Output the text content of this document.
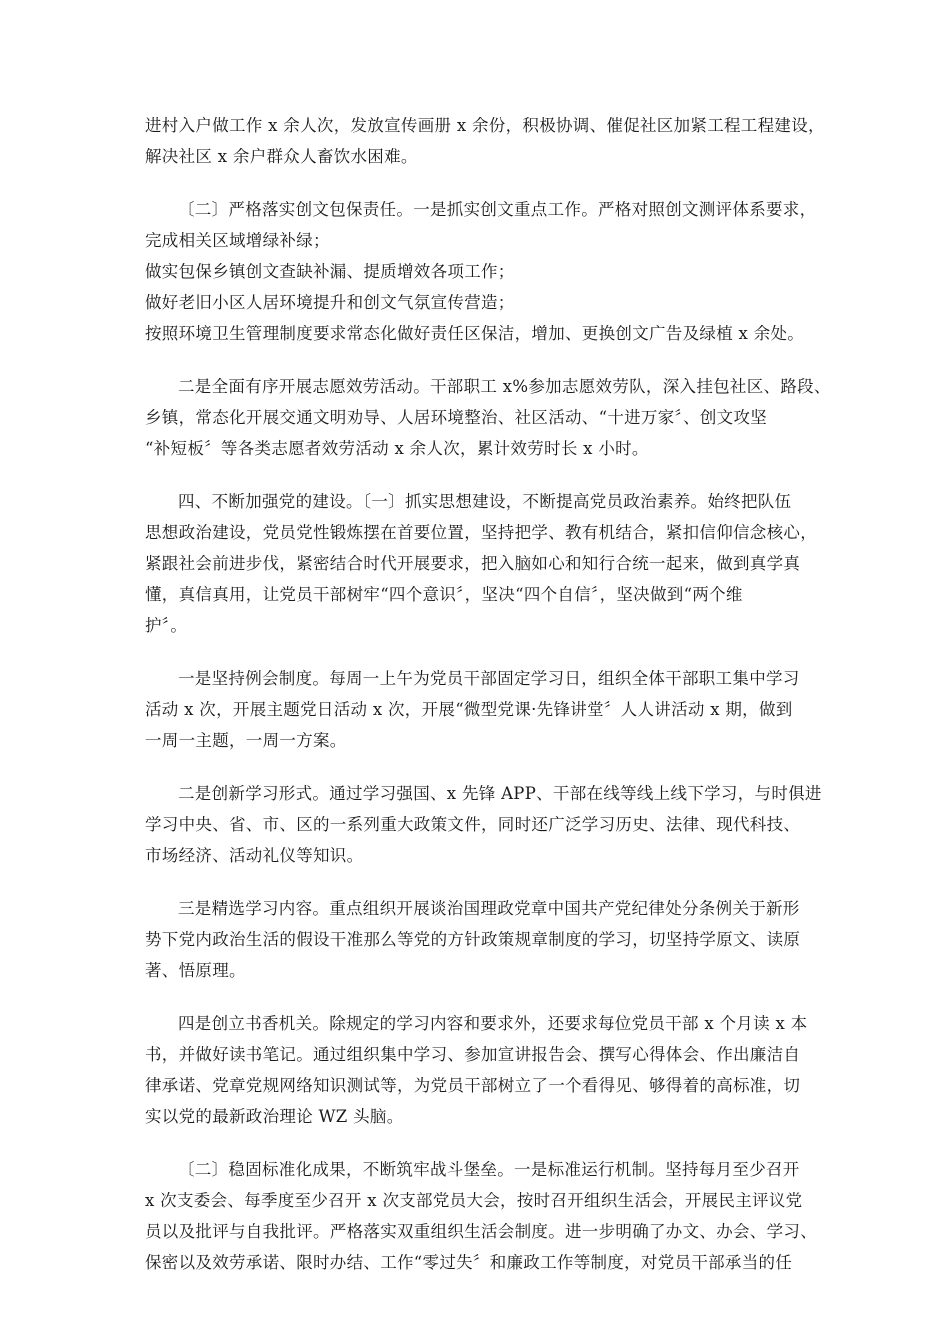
进村入户做工作 x 余人次，发放宣传画册 x 余份，积极协调、催促社区加紧工程工程建设，
解决社区 x 余户群众人畜饮水困难。
〔二〕严格落实创文包保责任。一是抓实创文重点工作。严格对照创文测评体系要求，
完成相关区域增绿补绿；
做实包保乡镇创文查缺补漏、提质增效各项工作；
做好老旧小区人居环境提升和创文气氛宣传营造；
按照环境卫生管理制度要求常态化做好责任区保洁，增加、更换创文广告及绿植 x 余处。
二是全面有序开展志愿效劳活动。干部职工 x%参加志愿效劳队，深入挂包社区、路段、
乡镇，常态化开展交通文明劝导、人居环境整治、社区活动、“十进万家〞、创文攻坚
“补短板〞等各类志愿者效劳活动 x 余人次，累计效劳时长 x 小时。
四、不断加强党的建设。〔一〕抓实思想建设，不断提高党员政治素养。始终把队伍
思想政治建设，党员党性锻炼摆在首要位置，坚持把学、教有机结合，紧扣信仰信念核心，
紧跟社会前进步伐，紧密结合时代开展要求，把入脑如心和知行合统一起来，做到真学真
懂，真信真用，让党员干部树牢“四个意识〞，坚决“四个自信〞，坚决做到“两个维
护〞。
一是坚持例会制度。每周一上午为党员干部固定学习日，组织全体干部职工集中学习
活动 x 次，开展主题党日活动 x 次，开展“微型党课·先锋讲堂〞人人讲活动 x 期，做到
一周一主题，一周一方案。
二是创新学习形式。通过学习强国、x 先锋 APP、干部在线等线上线下学习，与时俱进
学习中央、省、市、区的一系列重大政策文件，同时还广泛学习历史、法律、现代科技、
市场经济、活动礼仪等知识。
三是精选学习内容。重点组织开展谈治国理政党章中国共产党纪律处分条例关于新形
势下党内政治生活的假设干准那么等党的方针政策规章制度的学习，切坚持学原文、读原
著、悟原理。
四是创立书香机关。除规定的学习内容和要求外，还要求每位党员干部 x 个月读 x 本
书，并做好读书笔记。通过组织集中学习、参加宣讲报告会、撰写心得体会、作出廉洁自
律承诺、党章党规网络知识测试等，为党员干部树立了一个看得见、够得着的高标准，切
实以党的最新政治理论 WZ 头脑。
〔二〕稳固标准化成果，不断筑牢战斗堡垒。一是标准运行机制。坚持每月至少召开
x 次支委会、每季度至少召开 x 次支部党员大会，按时召开组织生活会，开展民主评议党
员以及批评与自我批评。严格落实双重组织生活会制度。进一步明确了办文、办会、学习、
保密以及效劳承诺、限时办结、工作“零过失〞和廉政工作等制度，对党员干部承当的任
